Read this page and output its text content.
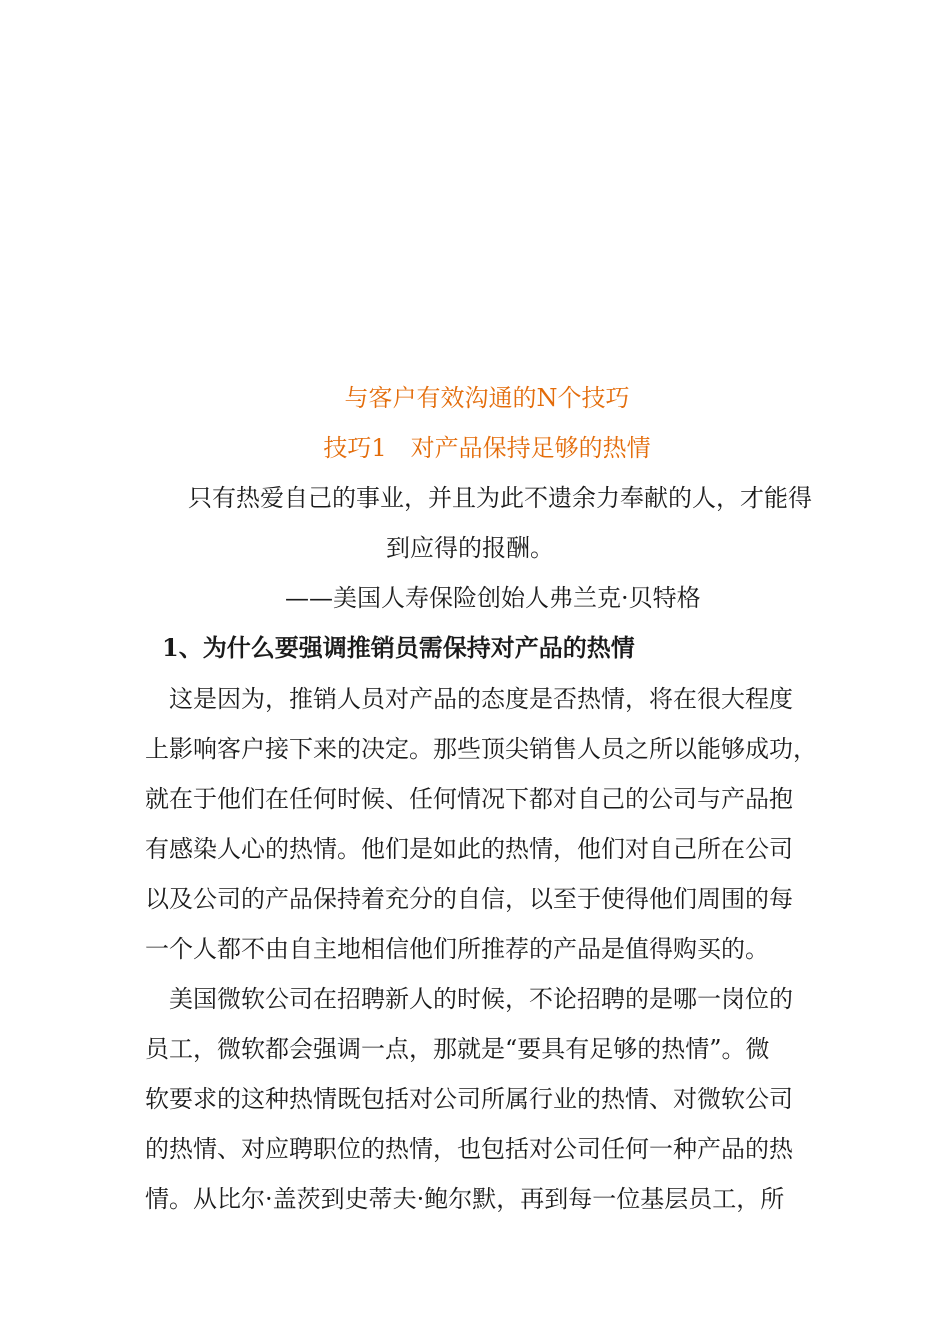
与客户有效沟通的N个技巧
技巧1　对产品保持足够的热情
只有热爱自己的事业，并且为此不遗余力奉献的人，才能得
到应得的报酬。
——美国人寿保险创始人弗兰克·贝特格
1、为什么要强调推销员需保持对产品的热情
　这是因为，推销人员对产品的态度是否热情，将在很大程度
上影响客户接下来的决定。那些顶尖销售人员之所以能够成功，
就在于他们在任何时候、任何情况下都对自己的公司与产品抱
有感染人心的热情。他们是如此的热情，他们对自己所在公司
以及公司的产品保持着充分的自信，以至于使得他们周围的每
一个人都不由自主地相信他们所推荐的产品是值得购买的。
　美国微软公司在招聘新人的时候，不论招聘的是哪一岗位的
员工，微软都会强调一点，那就是“要具有足够的热情”。微
软要求的这种热情既包括对公司所属行业的热情、对微软公司
的热情、对应聘职位的热情，也包括对公司任何一种产品的热
情。从比尔·盖茨到史蒂夫·鲍尔默，再到每一位基层员工，所
